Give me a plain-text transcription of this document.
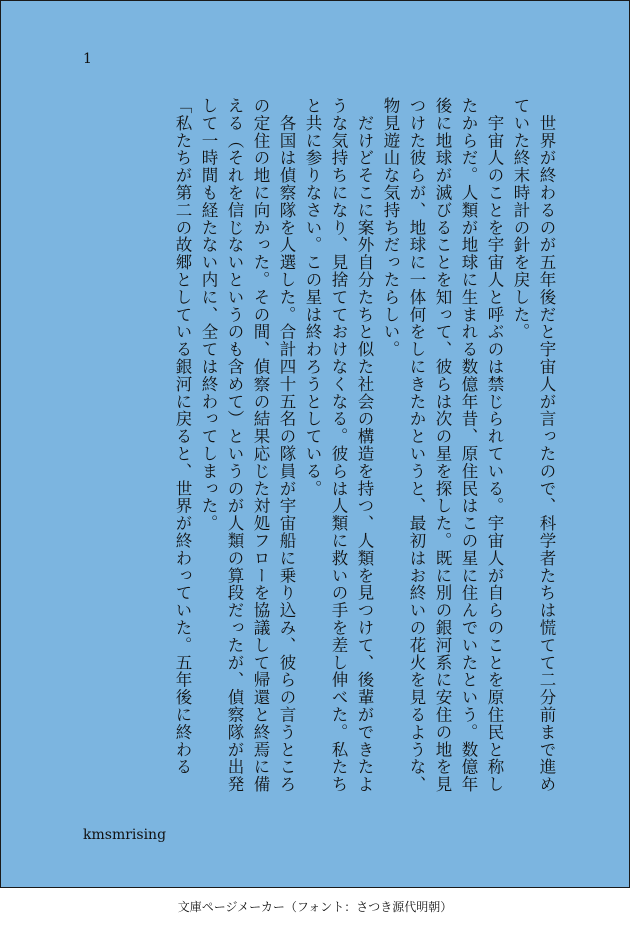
1

　世界が終わるのが五年後だと宇宙人が言ったので、科学者たちは慌てて二分前まで進めていた終末時計の針を戻した。

　宇宙人のことを宇宙人と呼ぶのは禁じられている。宇宙人が自らのことを原住民と称したからだ。人類が地球に生まれる数億年昔、原住民はこの星に住んでいたという。数億年後に地球が滅びることを知って、彼らは次の星を探した。既に別の銀河系に安住の地を見つけた彼らが、地球に一体何をしにきたかというと、最初はお終いの花火を見るような、物見遊山な気持ちだったらしい。

　だけどそこに案外自分たちと似た社会の構造を持つ、人類を見つけて、後輩ができたような気持ちになり、見捨てておけなくなる。彼らは人類に救いの手を差し伸べた。私たちと共に参りなさい。この星は終わろうとしている。

　各国は偵察隊を人選した。合計四十五名の隊員が宇宙船に乗り込み、彼らの言うところの定住の地に向かった。その間、偵察の結果応じた対処フローを協議して帰還と終焉に備える（それを信じないというのも含めて）というのが人類の算段だったが、偵察隊が出発して一時間も経たない内に、全ては終わってしまった。

「私たちが第二の故郷としている銀河に戻ると、世界が終わっていた。五年後に終わる

kmsmrising
文庫ページメーカー（フォント：さつき源代明朝）
